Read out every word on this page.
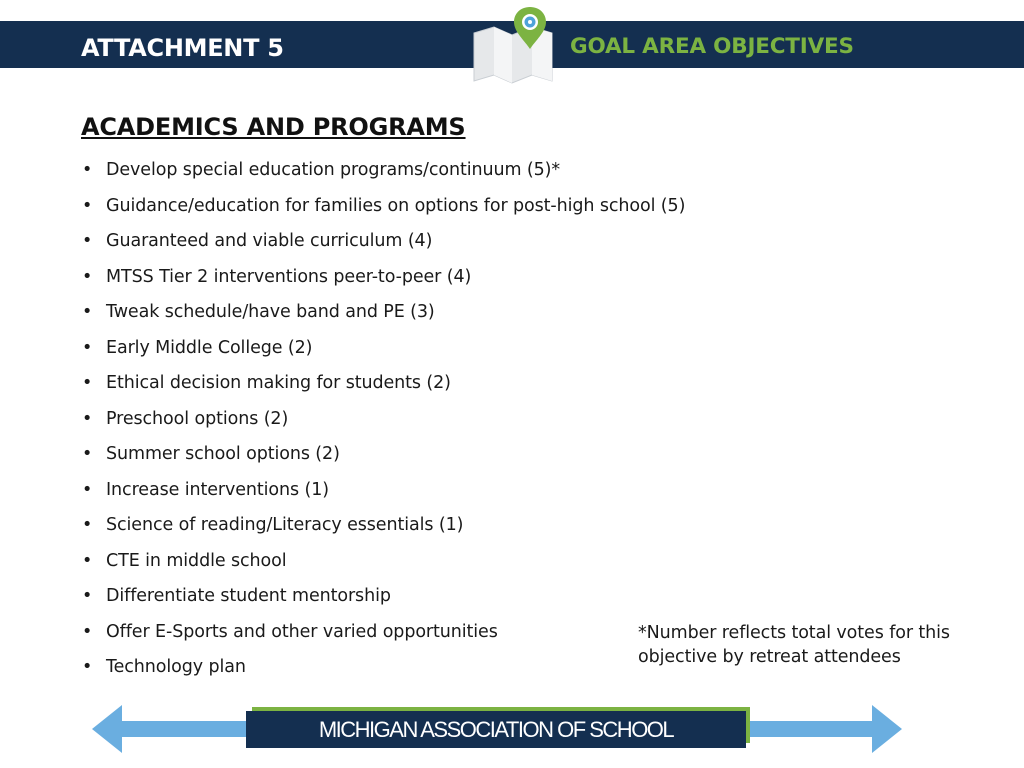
ATTACHMENT 5	GOAL AREA OBJECTIVES
ACADEMICS AND PROGRAMS
• Develop special education programs/continuum (5)*
• Guidance/education for families on options for post-high school (5)
• Guaranteed and viable curriculum (4)
• MTSS Tier 2 interventions peer-to-peer (4)
• Tweak schedule/have band and PE (3)
• Early Middle College (2)
• Ethical decision making for students (2)
• Preschool options (2)
• Summer school options (2)
• Increase interventions (1)
• Science of reading/Literacy essentials (1)
• CTE in middle school
• Differentiate student mentorship
• Offer E-Sports and other varied opportunities
• Technology plan
*Number reflects total votes for this objective by retreat attendees
MICHIGAN ASSOCIATION OF SCHOOL
